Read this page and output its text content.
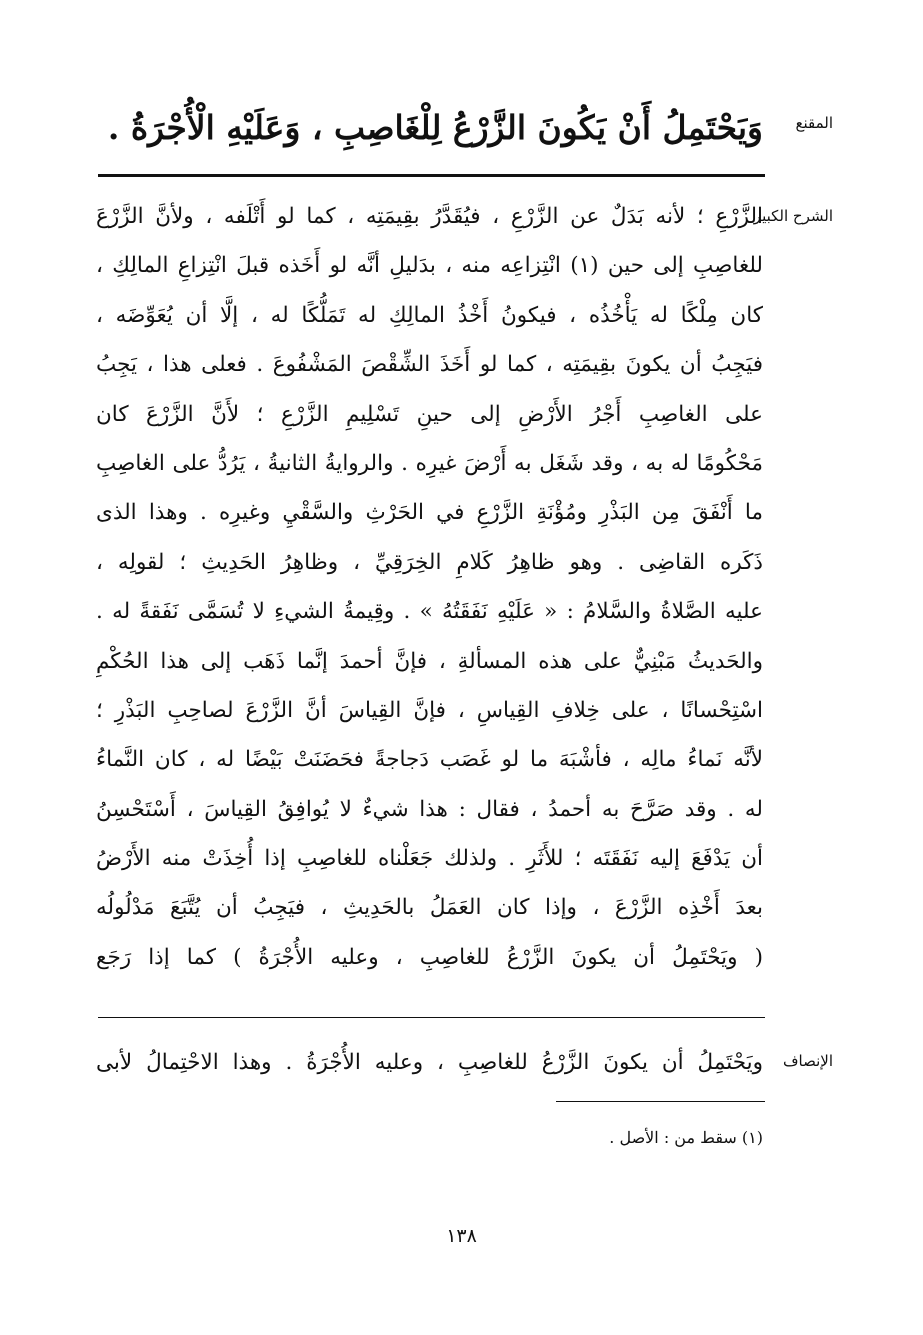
المقنع
وَيَحْتَمِلُ أَنْ يَكُونَ الزَّرْعُ لِلْغَاصِبِ ، وَعَلَيْهِ الْأُجْرَةُ .
الشرح الكبير
الزَّرْعِ ؛ لأنه بَدَلٌ عن الزَّرْعِ ، فيُقَدَّرُ بقِيمَتِه ، كما لو أَتْلَفه ، ولأنَّ الزَّرْعَ
للغاصِبِ إلى حين (١) انْتِزاعِه منه ، بدَليلِ أنَّه لو أَخَذه قبلَ انْتِزاعِ المالِكِ ،
كان مِلْكًا له يَأْخُذُه ، فيكونُ أَخْذُ المالِكِ له تَمَلُّكًا له ، إلَّا أن يُعَوِّضَه ،
فيَجِبُ أن يكونَ بقِيمَتِه ، كما لو أَخَذَ الشِّقْصَ المَشْفُوعَ . فعلى هذا ، يَجِبُ
على الغاصِبِ أَجْرُ الأَرْضِ إلى حينِ تَسْلِيمِ الزَّرْعِ ؛ لأَنَّ الزَّرْعَ كان
مَحْكُومًا له به ، وقد شَغَل به أَرْضَ غيرِه . والروايةُ الثانيةُ ، يَرُدُّ على الغاصِبِ
ما أَنْفَقَ مِن البَذْرِ ومُؤْنَةِ الزَّرْعِ في الحَرْثِ والسَّقْيِ وغيرِه . وهذا الذى
ذَكَره القاضِى . وهو ظاهِرُ كَلامِ الخِرَقِيِّ ، وظاهِرُ الحَدِيثِ ؛ لقولِه ،
عليه الصَّلاةُ والسَّلامُ : « عَلَيْهِ نَفَقَتُهُ » . وقِيمةُ الشيءِ لا تُسَمَّى نَفَقةً له .
والحَديثُ مَبْنِيٌّ على هذه المسألةِ ، فإنَّ أحمدَ إنَّما ذَهَب إلى هذا الحُكْمِ
اسْتِحْسانًا ، على خِلافِ القِياسِ ، فإنَّ القِياسَ أنَّ الزَّرْعَ لصاحِبِ البَذْرِ ؛
لأنَّه نَماءُ مالِه ، فأشْبَهَ ما لو غَصَب دَجاجةً فحَضَنَتْ بَيْضًا له ، كان النَّماءُ
له . وقد صَرَّحَ به أحمدُ ، فقال : هذا شيءٌ لا يُوافِقُ القِياسَ ، أَسْتَحْسِنُ
أن يَدْفَعَ إليه نَفَقَتَه ؛ للأَثَرِ . ولذلك جَعَلْناه للغاصِبِ إذا أُخِذَتْ منه الأَرْضُ
بعدَ أَخْذِه الزَّرْعَ ، وإذا كان العَمَلُ بالحَدِيثِ ، فيَجِبُ أن يُتَّبَعَ مَدْلُولُه
( ويَحْتَمِلُ أن يكونَ الزَّرْعُ للغاصِبِ ، وعليه الأُجْرَةُ ) كما إذا رَجَع
الإنصاف
ويَحْتَمِلُ أن يكونَ الزَّرْعُ للغاصِبِ ، وعليه الأُجْرَةُ . وهذا الاحْتِمالُ لأبى
(١) سقط من : الأصل .
١٣٨
